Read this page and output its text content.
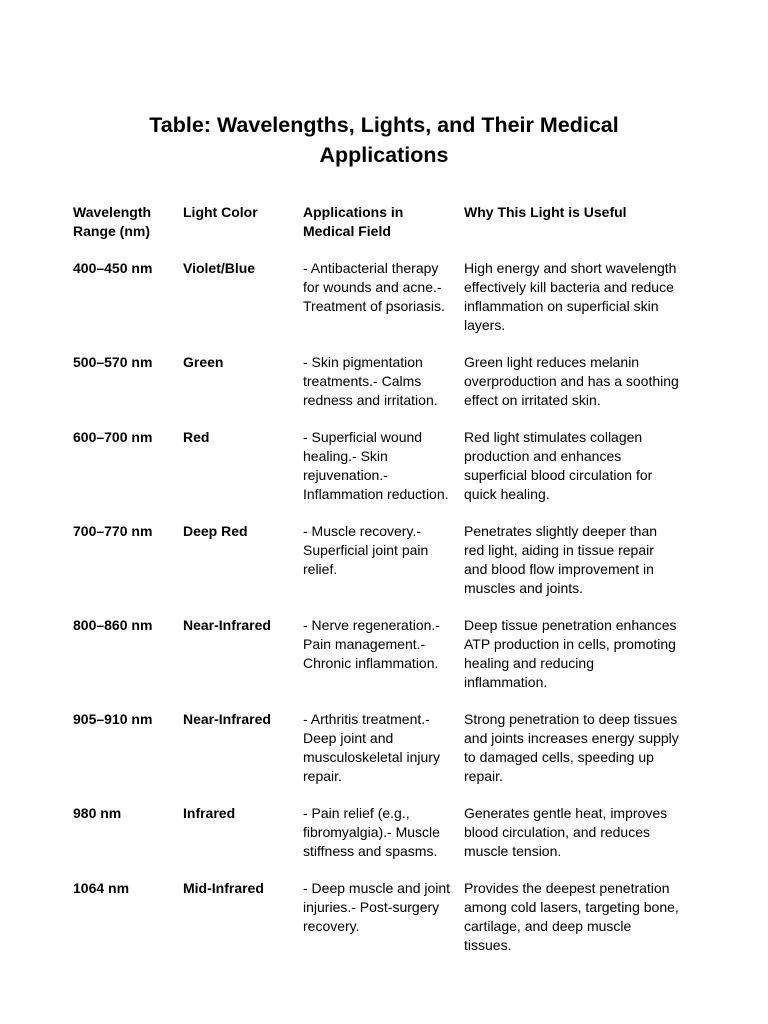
Table: Wavelengths, Lights, and Their Medical Applications
Wavelength Range (nm)	Light Color	Applications in Medical Field	Why This Light is Useful
400–450 nm	Violet/Blue	- Antibacterial therapy for wounds and acne.- Treatment of psoriasis.	High energy and short wavelength effectively kill bacteria and reduce inflammation on superficial skin layers.
500–570 nm	Green	- Skin pigmentation treatments.- Calms redness and irritation.	Green light reduces melanin overproduction and has a soothing effect on irritated skin.
600–700 nm	Red	- Superficial wound healing.- Skin rejuvenation.- Inflammation reduction.	Red light stimulates collagen production and enhances superficial blood circulation for quick healing.
700–770 nm	Deep Red	- Muscle recovery.- Superficial joint pain relief.	Penetrates slightly deeper than red light, aiding in tissue repair and blood flow improvement in muscles and joints.
800–860 nm	Near-Infrared	- Nerve regeneration.- Pain management.- Chronic inflammation.	Deep tissue penetration enhances ATP production in cells, promoting healing and reducing inflammation.
905–910 nm	Near-Infrared	- Arthritis treatment.- Deep joint and musculoskeletal injury repair.	Strong penetration to deep tissues and joints increases energy supply to damaged cells, speeding up repair.
980 nm	Infrared	- Pain relief (e.g., fibromyalgia).- Muscle stiffness and spasms.	Generates gentle heat, improves blood circulation, and reduces muscle tension.
1064 nm	Mid-Infrared	- Deep muscle and joint injuries.- Post-surgery recovery.	Provides the deepest penetration among cold lasers, targeting bone, cartilage, and deep muscle tissues.
